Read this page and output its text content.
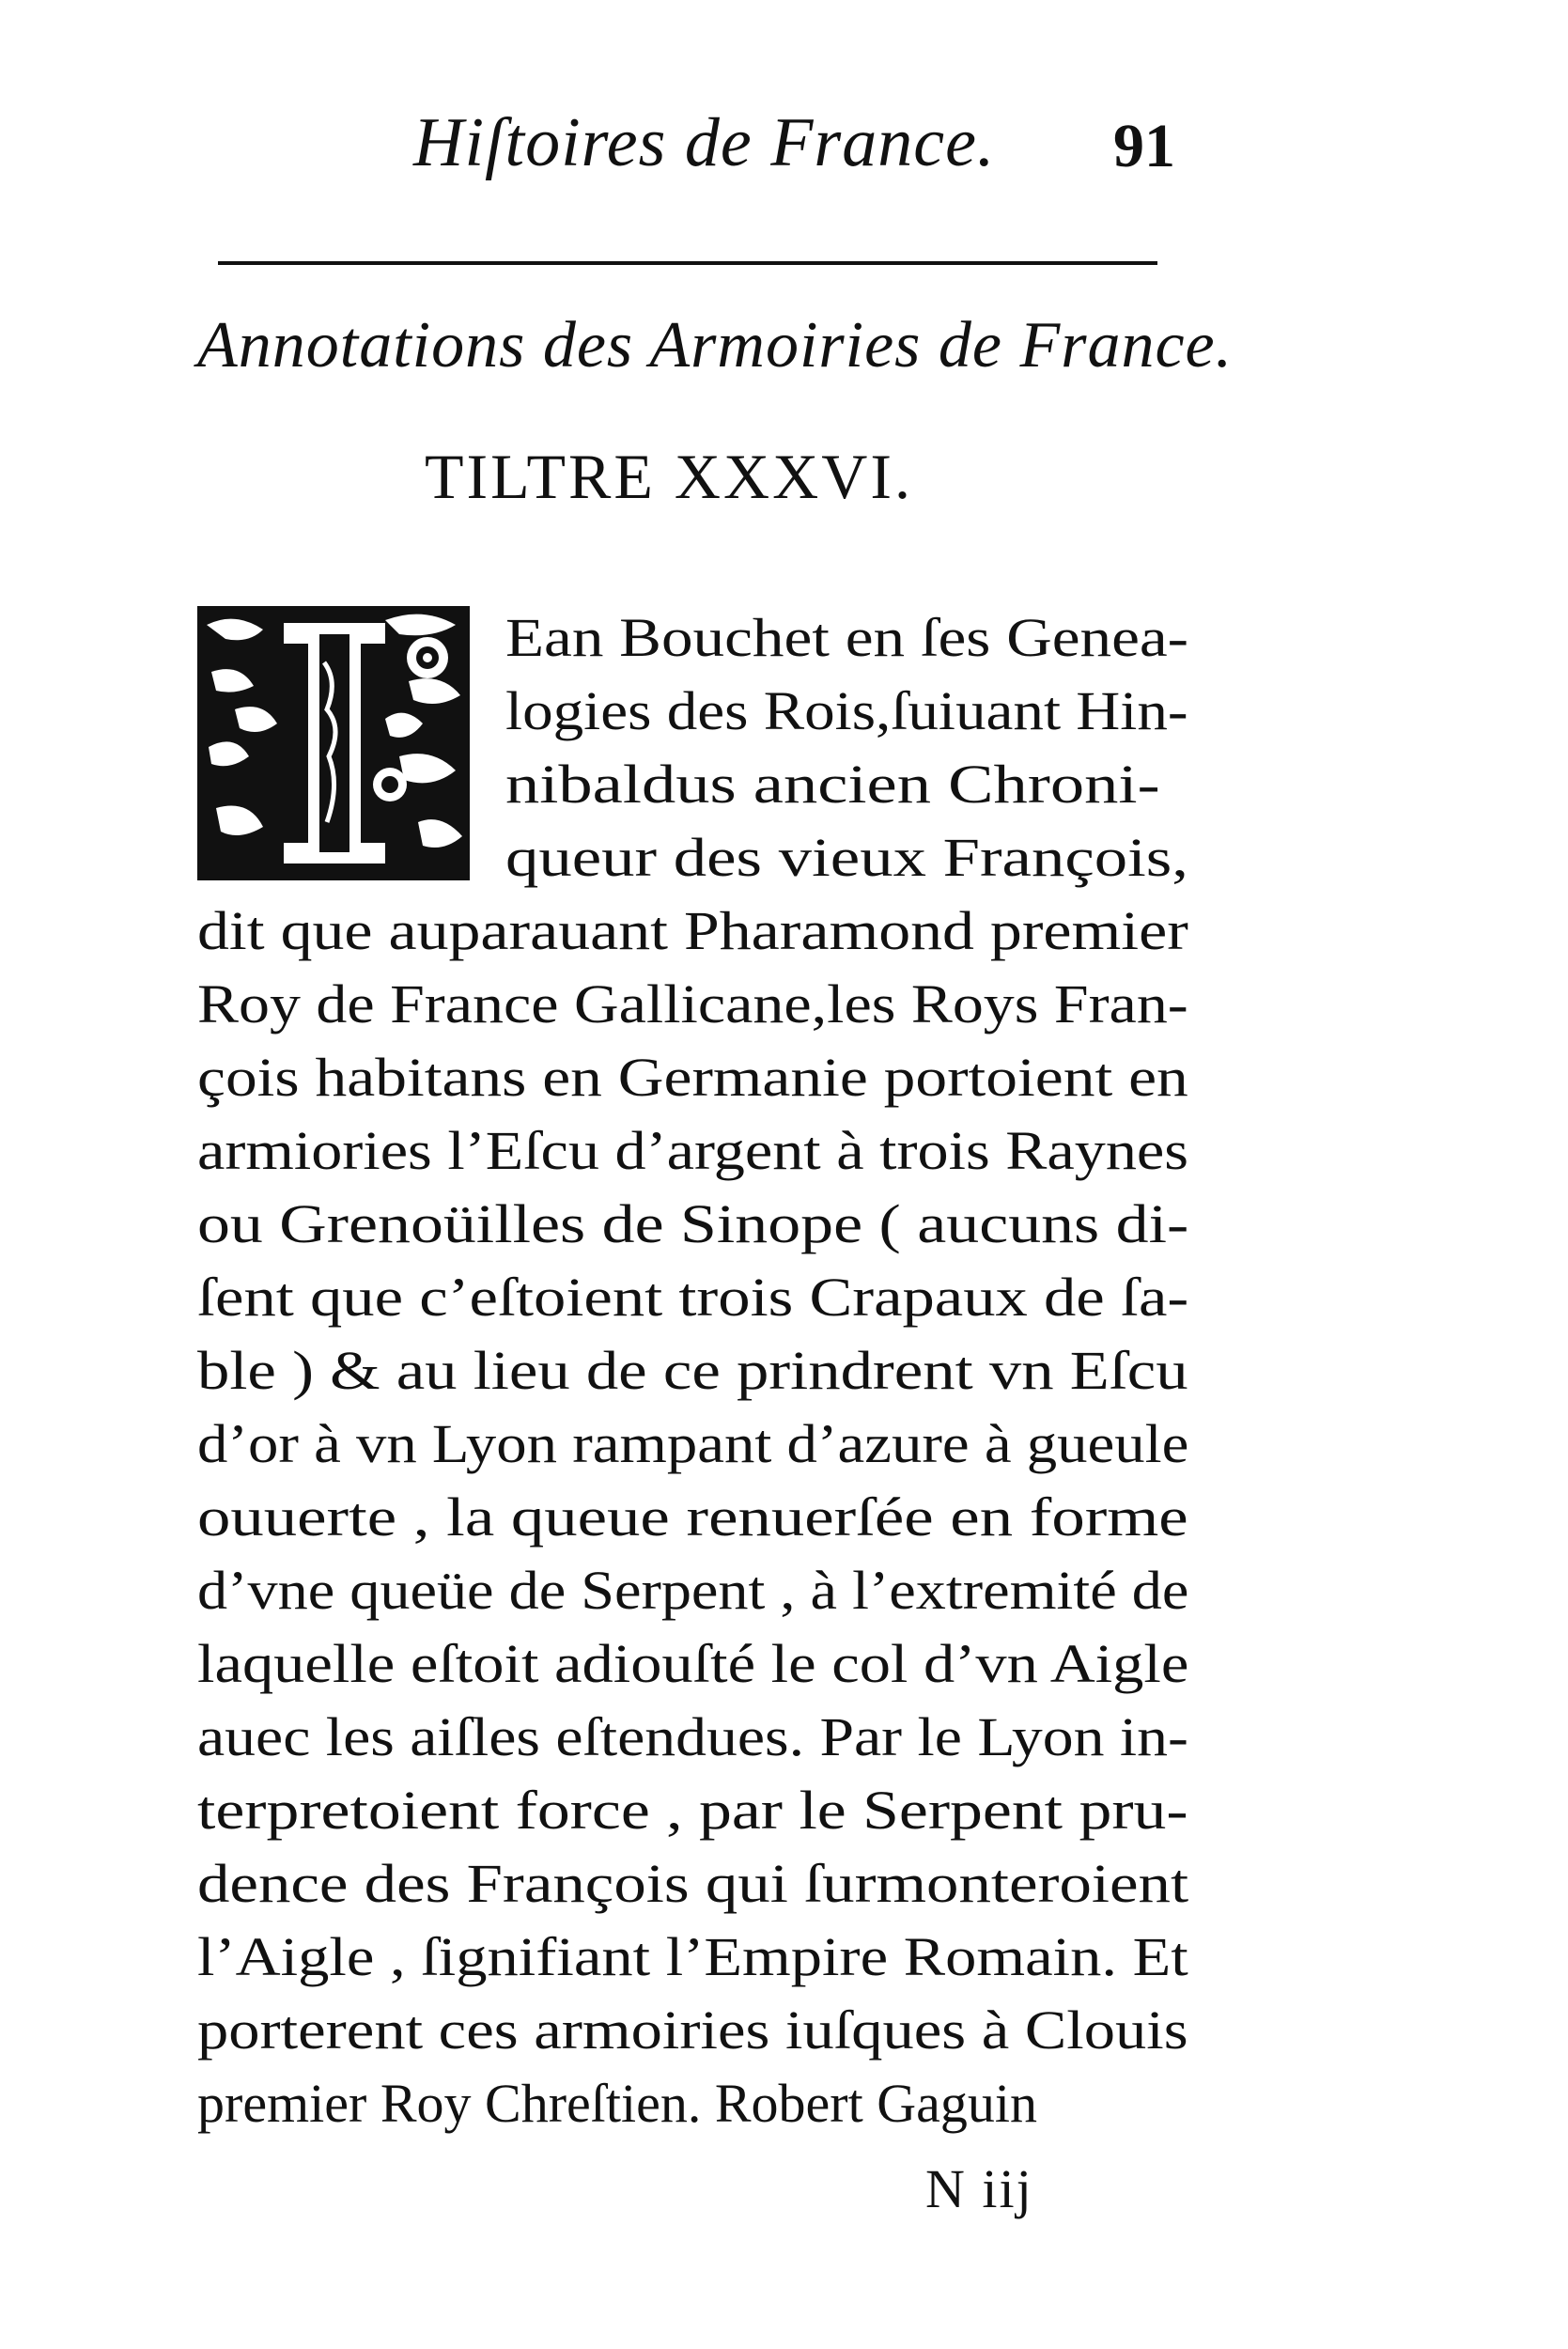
Hiſtoires de France. 91
Annotations des Armoiries de France.
TILTRE XXXVI.
Ean Bouchet en ſes Genea-
logies des Rois,ſuiuant Hin-
nibaldus ancien Chroni-
queur des vieux François,
dit que auparauant Pharamond premier
Roy de France Gallicane,les Roys Fran-
çois habitans en Germanie portoient en
armiories l’Eſcu d’argent à trois Raynes
ou Grenoüilles de Sinope ( aucuns di-
ſent que c’eſtoient trois Crapaux de ſa-
ble ) & au lieu de ce prindrent vn Eſcu
d’or à vn Lyon rampant d’azure à gueule
ouuerte , la queue renuerſée en forme
d’vne queüe de Serpent , à l’extremité de
laquelle eſtoit adiouſté le col d’vn Aigle
auec les aiſles eſtendues. Par le Lyon in-
terpretoient force , par le Serpent pru-
dence des François qui ſurmonteroient
l’Aigle , ſignifiant l’Empire Romain. Et
porterent ces armoiries iuſques à Clouis
premier Roy Chreſtien. Robert Gaguin
N iij
